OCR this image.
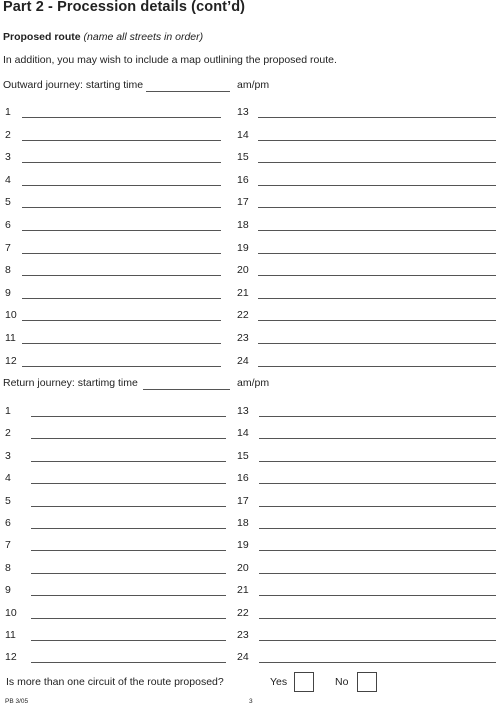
Part 2 - Procession details (cont’d)
Proposed route (name all streets in order)
In addition, you may wish to include a map outlining the proposed route.
Outward journey: starting time	am/pm
1	13
2	14
3	15
4	16
5	17
6	18
7	19
8	20
9	21
10	22
11	23
12	24
Return journey: startimg time	am/pm
1	13
2	14
3	15
4	16
5	17
6	18
7	19
8	20
9	21
10	22
11	23
12	24
Is more than one circuit of the route proposed?	Yes	No
PB 3/05	3
